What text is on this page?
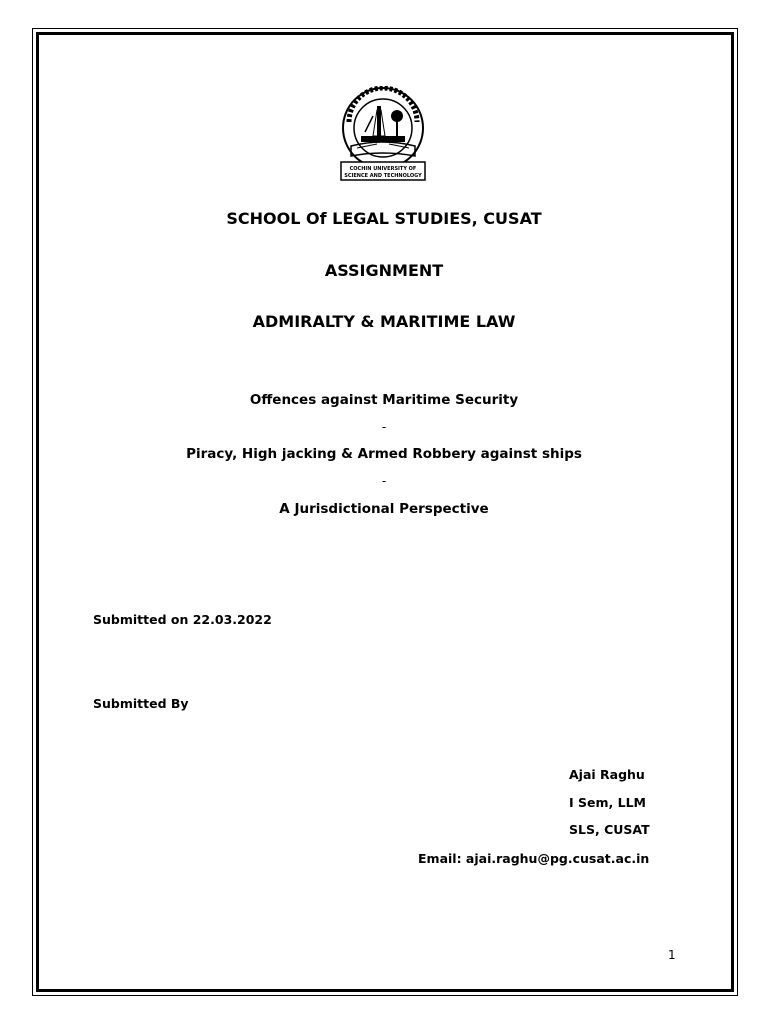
COCHIN UNIVERSITY OF
SCIENCE AND TECHNOLOGY
SCHOOL Of LEGAL STUDIES, CUSAT
ASSIGNMENT
ADMIRALTY & MARITIME LAW
Offences against Maritime Security
-
Piracy, High jacking & Armed Robbery against ships
-
A Jurisdictional Perspective
Submitted on 22.03.2022
Submitted By
Ajai Raghu
I Sem, LLM
SLS, CUSAT
Email: ajai.raghu@pg.cusat.ac.in
1
